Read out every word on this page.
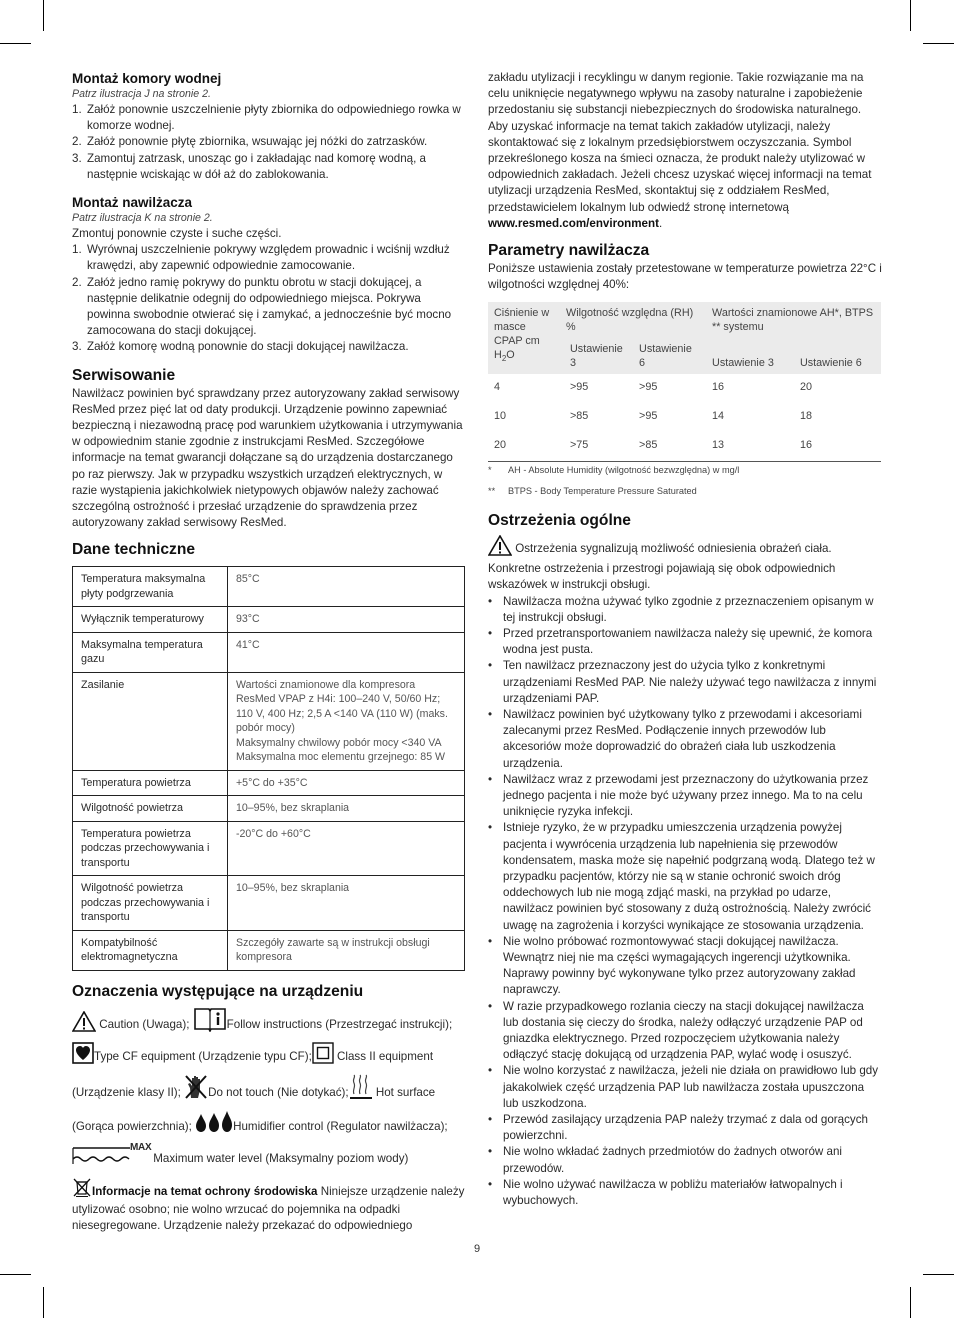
Montaż komory wodnej
Patrz ilustracja J na stronie 2.
1. Załóż ponownie uszczelnienie płyty zbiornika do odpowiedniego rowka w komorze wodnej.
2. Załóż ponownie płytę zbiornika, wsuwając jej nóżki do zatrzasków.
3. Zamontuj zatrzask, unosząc go i zakładając nad komorę wodną, a następnie wciskając w dół aż do zablokowania.
Montaż nawilżacza
Patrz ilustracja K na stronie 2.
Zmontuj ponownie czyste i suche części.
1. Wyrównaj uszczelnienie pokrywy względem prowadnic i wciśnij wzdłuż krawędzi, aby zapewnić odpowiednie zamocowanie.
2. Załóż jedno ramię pokrywy do punktu obrotu w stacji dokującej, a następnie delikatnie odegnij do odpowiedniego miejsca. Pokrywa powinna swobodnie otwierać się i zamykać, a jednocześnie być mocno zamocowana do stacji dokującej.
3. Załóż komorę wodną ponownie do stacji dokującej nawilżacza.
Serwisowanie
Nawilżacz powinien być sprawdzany przez autoryzowany zakład serwisowy ResMed przez pięć lat od daty produkcji. Urządzenie powinno zapewniać bezpieczną i niezawodną pracę pod warunkiem użytkowania i utrzymywania w odpowiednim stanie zgodnie z instrukcjami ResMed. Szczegółowe informacje na temat gwarancji dołączane są do urządzenia dostarczanego po raz pierwszy. Jak w przypadku wszystkich urządzeń elektrycznych, w razie wystąpienia jakichkolwiek nietypowych objawów należy zachować szczególną ostrożność i przesłać urządzenie do sprawdzenia przez autoryzowany zakład serwisowy ResMed.
Dane techniczne
Temperatura maksymalna płyty podgrzewania	85°C
Wyłącznik temperaturowy	93°C
Maksymalna temperatura gazu	41°C
Zasilanie	Wartości znamionowe dla kompresora ResMed VPAP z H4i: 100–240 V, 50/60 Hz; 110 V, 400 Hz; 2,5 A <140 VA (110 W) (maks. pobór mocy)
Maksymalny chwilowy pobór mocy <340 VA
Maksymalna moc elementu grzejnego: 85 W
Temperatura powietrza	+5°C do +35°C
Wilgotność powietrza	10–95%, bez skraplania
Temperatura powietrza podczas przechowywania i transportu	-20°C do +60°C
Wilgotność powietrza podczas przechowywania i transportu	10–95%, bez skraplania
Kompatybilność elektromagnetyczna	Szczegóły zawarte są w instrukcji obsługi kompresora
Oznaczenia występujące na urządzeniu
Caution (Uwaga);	Follow instructions (Przestrzegać instrukcji); Type CF equipment (Urządzenie typu CF); Class II equipment (Urządzenie klasy II); Do not touch (Nie dotykać); Hot surface (Gorąca powierzchnia);	Humidifier control (Regulator nawilżacza);
MAX
Maximum water level (Maksymalny poziom wody)
Informacje na temat ochrony środowiska Niniejsze urządzenie należy utylizować osobno; nie wolno wrzucać do pojemnika na odpadki niesegregowane. Urządzenie należy przekazać do odpowiedniego
zakładu utylizacji i recyklingu w danym regionie. Takie rozwiązanie ma na celu uniknięcie negatywnego wpływu na zasoby naturalne i zapobieżenie przedostaniu się substancji niebezpiecznych do środowiska naturalnego. Aby uzyskać informacje na temat takich zakładów utylizacji, należy skontaktować się z lokalnym przedsiębiorstwem oczyszczania. Symbol przekreślonego kosza na śmieci oznacza, że produkt należy utylizować w odpowiednich zakładach. Jeżeli chcesz uzyskać więcej informacji na temat utylizacji urządzenia ResMed, skontaktuj się z oddziałem ResMed, przedstawicielem lokalnym lub odwiedź stronę internetową www.resmed.com/environment.
Parametry nawilżacza
Poniższe ustawienia zostały przetestowane w temperaturze powietrza 22°C i wilgotności względnej 40%:
Ciśnienie w masce CPAP cm $H_2O$	Wilgotność względna (RH) %		Wartości znamionowe AH*, BTPS ** systemu	
	Ustawienie 3	Ustawienie 6	Ustawienie 3	Ustawienie 6
4	>95	>95	16	20
10	>85	>95	14	18
20	>75	>85	13	16
*	AH - Absolute Humidity (wilgotność bezwzględna) w mg/l
**	BTPS - Body Temperature Pressure Saturated
Ostrzeżenia ogólne
Ostrzeżenia sygnalizują możliwość odniesienia obrażeń ciała. Konkretne ostrzeżenia i przestrogi pojawiają się obok odpowiednich wskazówek w instrukcji obsługi.
• Nawilżacza można używać tylko zgodnie z przeznaczeniem opisanym w tej instrukcji obsługi.
• Przed przetransportowaniem nawilżacza należy się upewnić, że komora wodna jest pusta.
• Ten nawilżacz przeznaczony jest do użycia tylko z konkretnymi urządzeniami ResMed PAP. Nie należy używać tego nawilżacza z innymi urządzeniami PAP.
• Nawilżacz powinien być użytkowany tylko z przewodami i akcesoriami zalecanymi przez ResMed. Podłączenie innych przewodów lub akcesoriów może doprowadzić do obrażeń ciała lub uszkodzenia urządzenia.
• Nawilżacz wraz z przewodami jest przeznaczony do użytkowania przez jednego pacjenta i nie może być używany przez innego. Ma to na celu uniknięcie ryzyka infekcji.
• Istnieje ryzyko, że w przypadku umieszczenia urządzenia powyżej pacjenta i wywrócenia urządzenia lub napełnienia się przewodów kondensatem, maska może się napełnić podgrzaną wodą. Dlatego też w przypadku pacjentów, którzy nie są w stanie ochronić swoich dróg oddechowych lub nie mogą zdjąć maski, na przykład po udarze, nawilżacz powinien być stosowany z dużą ostrożnością. Należy zwrócić uwagę na zagrożenia i korzyści wynikające ze stosowania urządzenia.
• Nie wolno próbować rozmontowywać stacji dokującej nawilżacza. Wewnątrz niej nie ma części wymagających ingerencji użytkownika. Naprawy powinny być wykonywane tylko przez autoryzowany zakład naprawczy.
• W razie przypadkowego rozlania cieczy na stacji dokującej nawilżacza lub dostania się cieczy do środka, należy odłączyć urządzenie PAP od gniazdka elektrycznego. Przed rozpoczęciem użytkowania należy odłączyć stację dokującą od urządzenia PAP, wylać wodę i osuszyć.
• Nie wolno korzystać z nawilżacza, jeżeli nie działa on prawidłowo lub gdy jakakolwiek część urządzenia PAP lub nawilżacza została upuszczona lub uszkodzona.
• Przewód zasilający urządzenia PAP należy trzymać z dala od gorących powierzchni.
• Nie wolno wkładać żadnych przedmiotów do żadnych otworów ani przewodów.
• Nie wolno używać nawilżacza w pobliżu materiałów łatwopalnych i wybuchowych.
9
